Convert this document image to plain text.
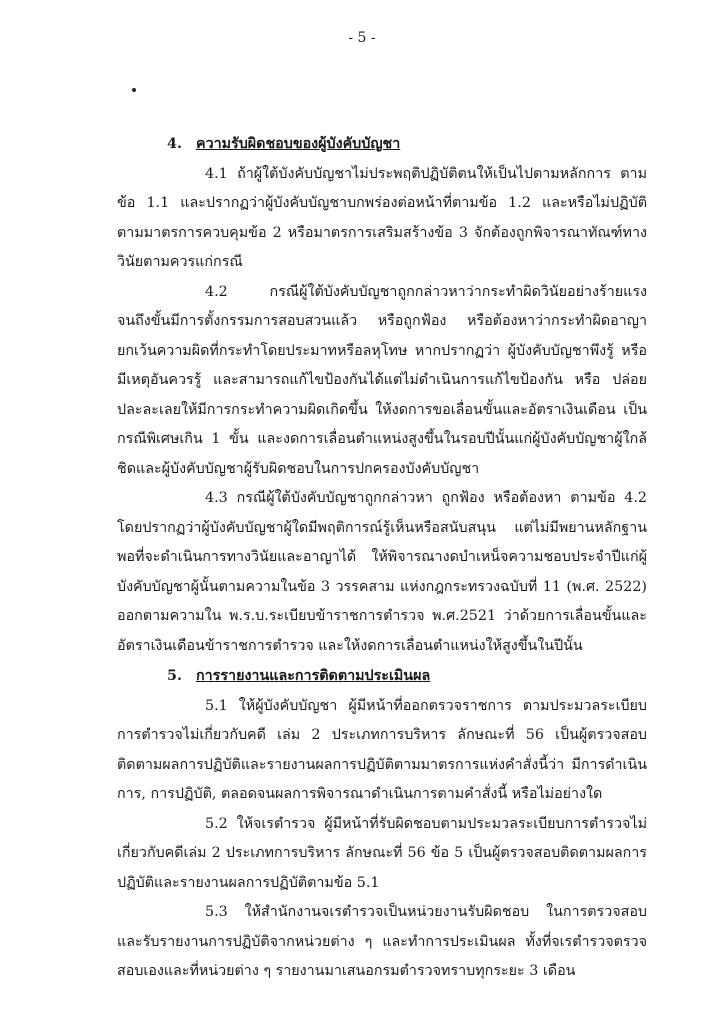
- 5 -

4. ความรับผิดชอบของผู้บังคับบัญชา

4.1 ถ้าผู้ใต้บังคับบัญชาไม่ประพฤติปฏิบัติตนให้เป็นไปตามหลักการ ตาม ข้อ 1.1 และปรากฏว่าผู้บังคับบัญชาบกพร่องต่อหน้าที่ตามข้อ 1.2 และหรือไม่ปฏิบัติตามมาตรการควบคุมข้อ 2 หรือมาตรการเสริมสร้างข้อ 3 จักต้องถูกพิจารณาทัณฑ์ทางวินัยตามควรแก่กรณี

4.2 กรณีผู้ใต้บังคับบัญชาถูกกล่าวหาว่ากระทำผิดวินัยอย่างร้ายแรง จนถึงขั้นมีการตั้งกรรมการสอบสวนแล้ว หรือถูกฟ้อง หรือต้องหาว่ากระทำผิดอาญา ยกเว้นความผิดที่กระทำโดยประมาทหรือลหุโทษ หากปรากฏว่า ผู้บังคับบัญชาพึงรู้ หรือมีเหตุอันควรรู้ และสามารถแก้ไขป้องกันได้แต่ไม่ดำเนินการแก้ไขป้องกัน หรือ ปล่อยปละละเลยให้มีการกระทำความผิดเกิดขึ้น ให้งดการขอเลื่อนขั้นและอัตราเงินเดือน เป็นกรณีพิเศษเกิน 1 ขั้น และงดการเลื่อนตำแหน่งสูงขึ้นในรอบปีนั้นแก่ผู้บังคับบัญชาผู้ใกล้ชิดและผู้บังคับบัญชาผู้รับผิดชอบในการปกครองบังคับบัญชา

4.3 กรณีผู้ใต้บังคับบัญชาถูกกล่าวหา ถูกฟ้อง หรือต้องหา ตามข้อ 4.2 โดยปรากฏว่าผู้บังคับบัญชาผู้ใดมีพฤติการณ์รู้เห็นหรือสนับสนุน แต่ไม่มีพยานหลักฐานพอที่จะดำเนินการทางวินัยและอาญาได้ ให้พิจารณางดบำเหน็จความชอบประจำปีแก่ผู้บังคับบัญชาผู้นั้นตามความในข้อ 3 วรรคสาม แห่งกฎกระทรวงฉบับที่ 11 (พ.ศ. 2522) ออกตามความใน พ.ร.บ.ระเบียบข้าราชการตำรวจ พ.ศ.2521 ว่าด้วยการเลื่อนขั้นและอัตราเงินเดือนข้าราชการตำรวจ และให้งดการเลื่อนตำแหน่งให้สูงขึ้นในปีนั้น

5. การรายงานและการติดตามประเมินผล

5.1 ให้ผู้บังคับบัญชา ผู้มีหน้าที่ออกตรวจราชการ ตามประมวลระเบียบการตำรวจไม่เกี่ยวกับคดี เล่ม 2 ประเภทการบริหาร ลักษณะที่ 56 เป็นผู้ตรวจสอบติดตามผลการปฏิบัติและรายงานผลการปฏิบัติตามมาตรการแห่งคำสั่งนี้ว่า มีการดำเนินการ, การปฏิบัติ, ตลอดจนผลการพิจารณาดำเนินการตามคำสั่งนี้ หรือไม่อย่างใด

5.2 ให้จเรตำรวจ ผู้มีหน้าที่รับผิดชอบตามประมวลระเบียบการตำรวจไม่เกี่ยวกับคดีเล่ม 2 ประเภทการบริหาร ลักษณะที่ 56 ข้อ 5 เป็นผู้ตรวจสอบติดตามผลการปฏิบัติและรายงานผลการปฏิบัติตามข้อ 5.1

5.3 ให้สำนักงานจเรตำรวจเป็นหน่วยงานรับผิดชอบ ในการตรวจสอบและรับรายงานการปฏิบัติจากหน่วยต่าง ๆ และทำการประเมินผล ทั้งที่จเรตำรวจตรวจสอบเองและที่หน่วยต่าง ๆ รายงานมาเสนอกรมตำรวจทราบทุกระยะ 3 เดือน
